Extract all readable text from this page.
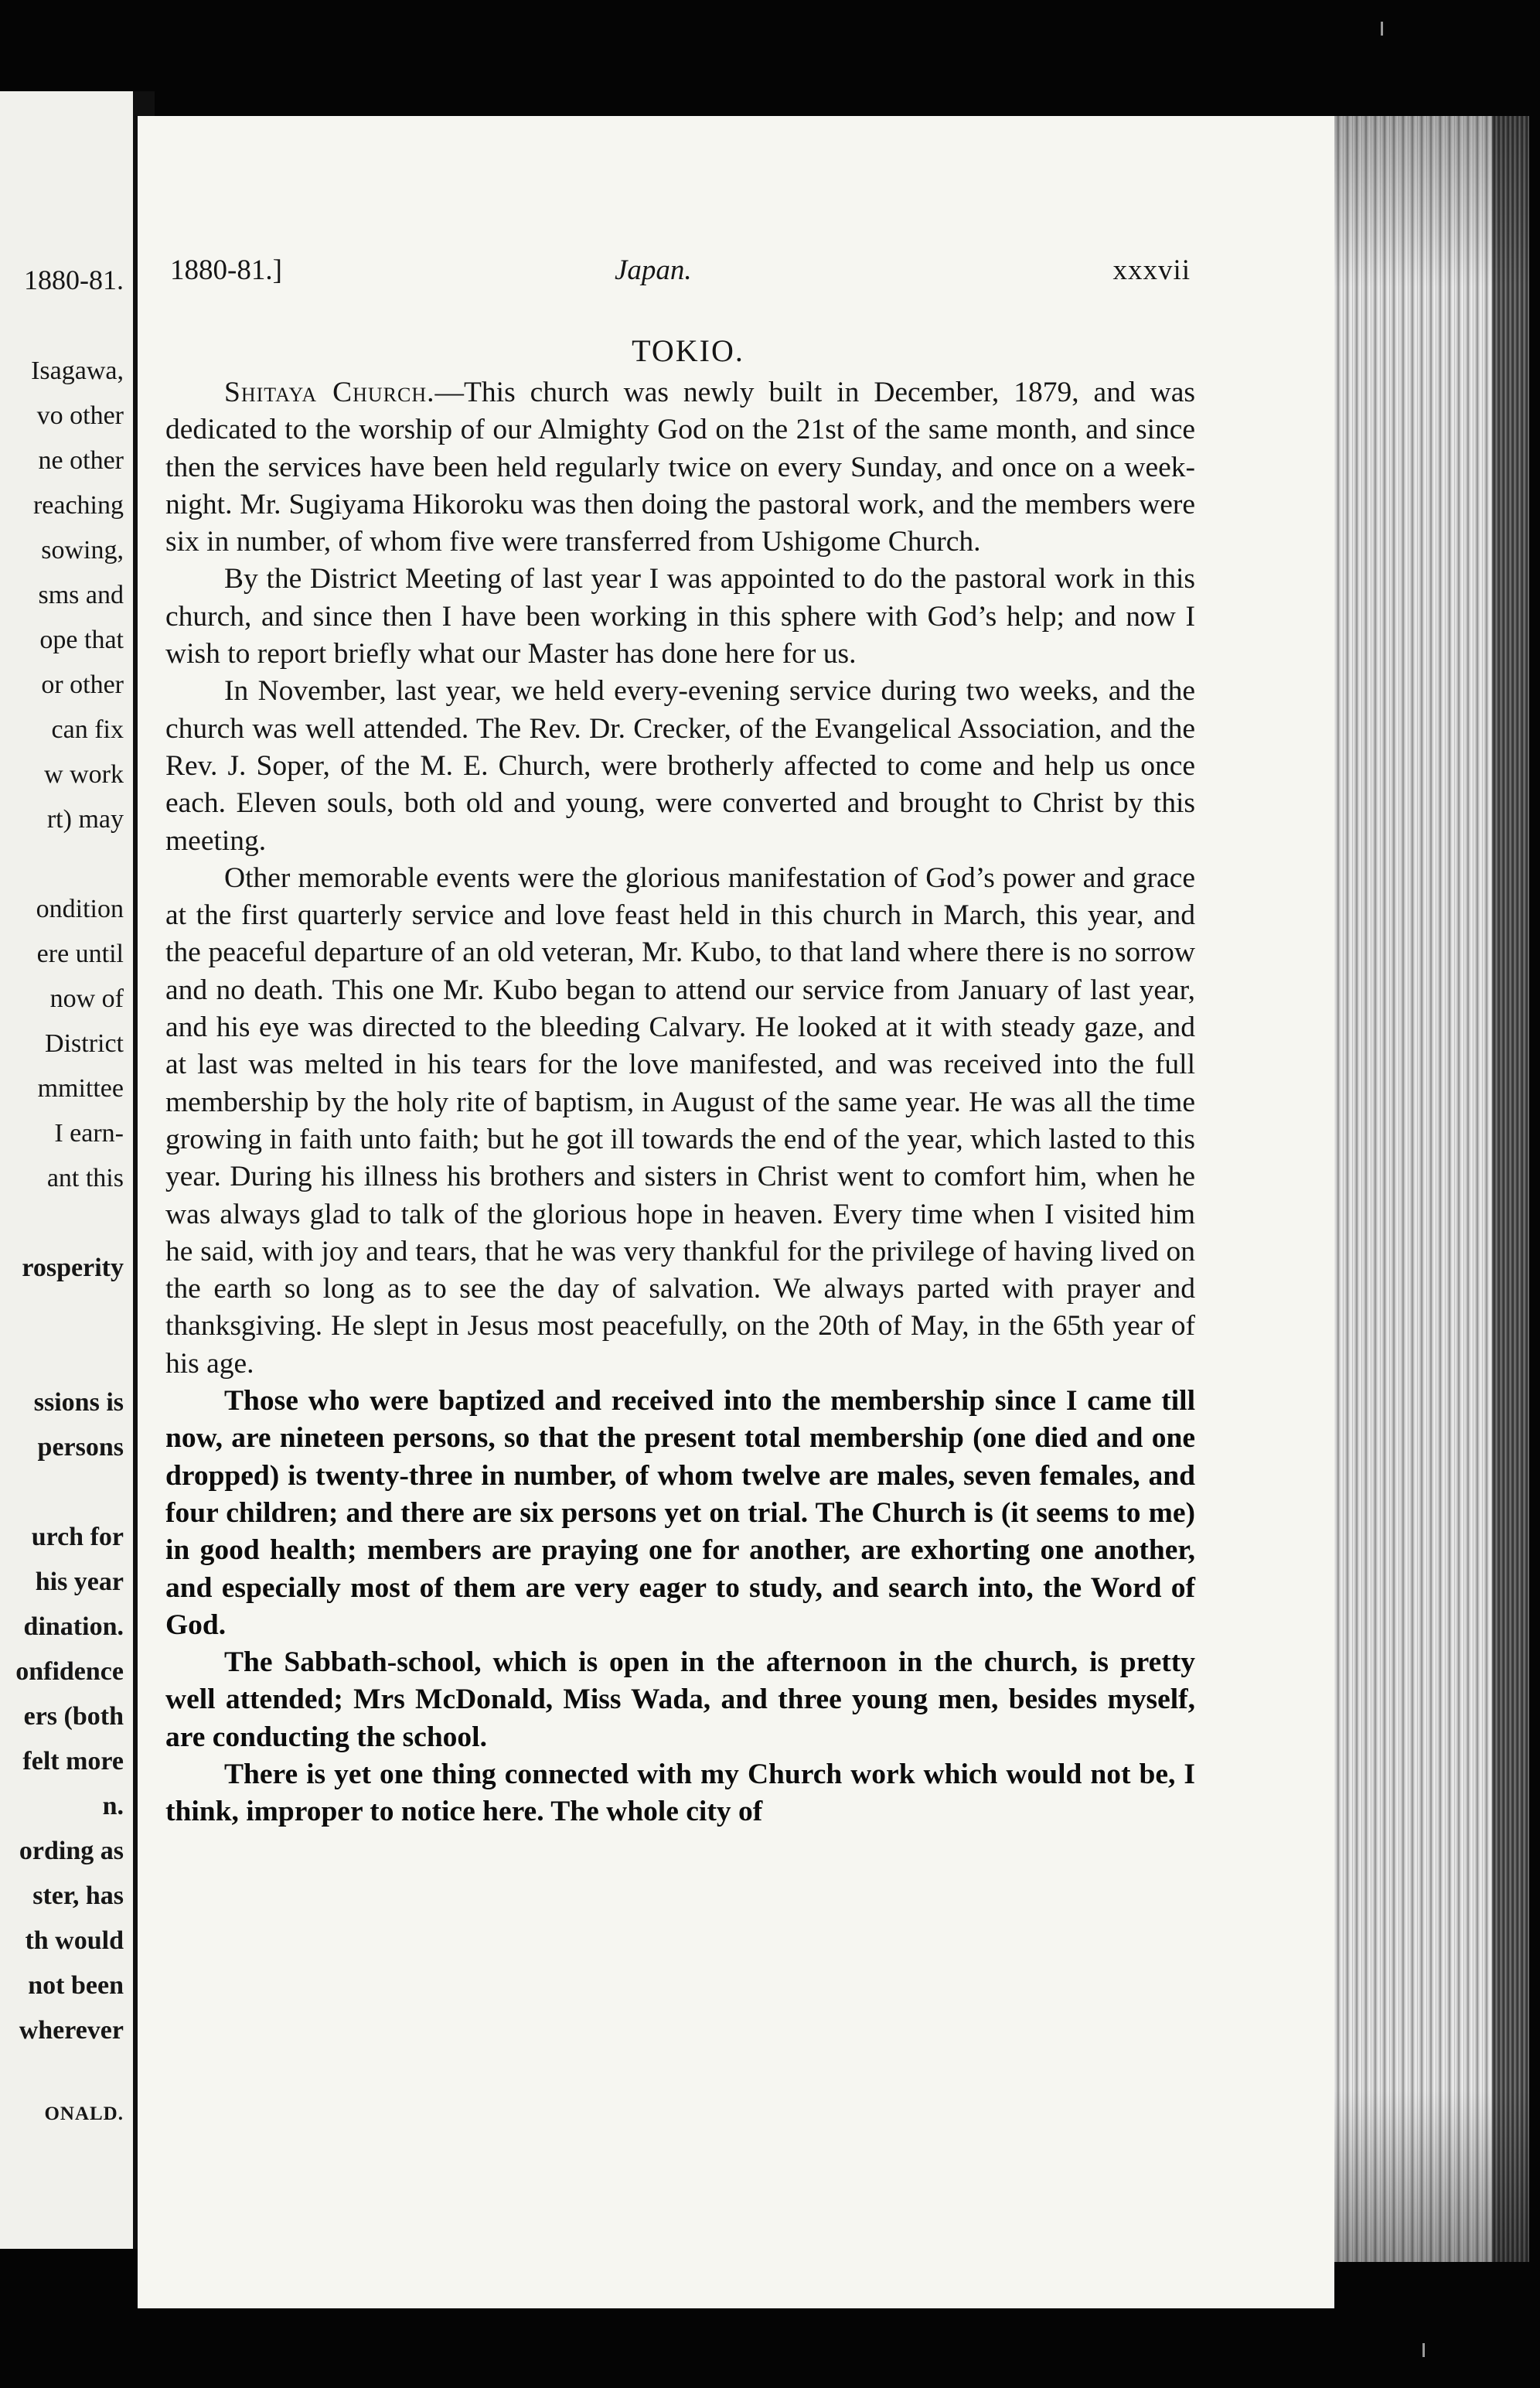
1880-81.]	Japan.	xxxvii
TOKIO.

Shitaya Church.—This church was newly built in December, 1879, and was dedicated to the worship of our Almighty God on the 21st of the same month, and since then the services have been held regularly twice on every Sunday, and once on a week-night. Mr. Sugiyama Hikoroku was then doing the pastoral work, and the members were six in number, of whom five were transferred from Ushigome Church.

By the District Meeting of last year I was appointed to do the pastoral work in this church, and since then I have been working in this sphere with God’s help; and now I wish to report briefly what our Master has done here for us.

In November, last year, we held every-evening service during two weeks, and the church was well attended. The Rev. Dr. Crecker, of the Evangelical Association, and the Rev. J. Soper, of the M. E. Church, were brotherly affected to come and help us once each. Eleven souls, both old and young, were converted and brought to Christ by this meeting.

Other memorable events were the glorious manifestation of God’s power and grace at the first quarterly service and love feast held in this church in March, this year, and the peaceful departure of an old veteran, Mr. Kubo, to that land where there is no sorrow and no death. This one Mr. Kubo began to attend our service from January of last year, and his eye was directed to the bleeding Calvary. He looked at it with steady gaze, and at last was melted in his tears for the love manifested, and was received into the full membership by the holy rite of baptism, in August of the same year. He was all the time growing in faith unto faith; but he got ill towards the end of the year, which lasted to this year. During his illness his brothers and sisters in Christ went to comfort him, when he was always glad to talk of the glorious hope in heaven. Every time when I visited him he said, with joy and tears, that he was very thankful for the privilege of having lived on the earth so long as to see the day of salvation. We always parted with prayer and thanksgiving. He slept in Jesus most peacefully, on the 20th of May, in the 65th year of his age.

Those who were baptized and received into the membership since I came till now, are nineteen persons, so that the present total membership (one died and one dropped) is twenty-three in number, of whom twelve are males, seven females, and four children; and there are six persons yet on trial. The Church is (it seems to me) in good health; members are praying one for another, are exhorting one another, and especially most of them are very eager to study, and search into, the Word of God.

The Sabbath-school, which is open in the afternoon in the church, is pretty well attended; Mrs McDonald, Miss Wada, and three young men, besides myself, are conducting the school.

There is yet one thing connected with my Church work which would not be, I think, improper to notice here. The whole city of

1880-81.
Isagawa,
vo other
ne other
reaching
sowing,
sms and
ope that
or other
can fix
w work
rt) may
ondition
ere until
now of
District
mmittee
I earn-
ant this
rosperity
ssions is
persons
urch for
his year
dination.
onfidence
ers (both
felt more
n.
ording as
ster, has
th would
not been
wherever
ONALD.
